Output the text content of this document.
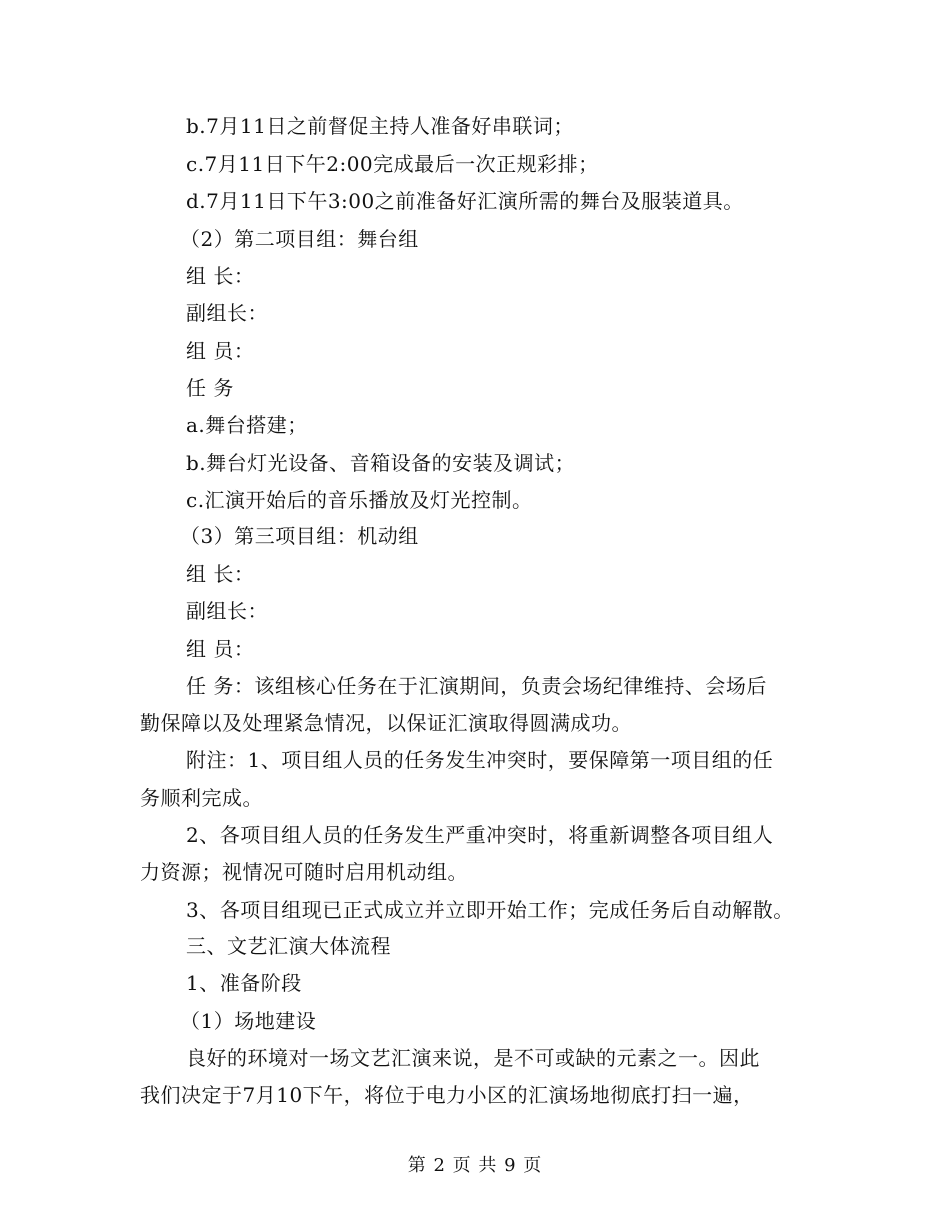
b.7月11日之前督促主持人准备好串联词；
c.7月11日下午2:00完成最后一次正规彩排；
d.7月11日下午3:00之前准备好汇演所需的舞台及服装道具。
（2）第二项目组：舞台组
组 长：
副组长：
组 员：
任 务
a.舞台搭建；
b.舞台灯光设备、音箱设备的安装及调试；
c.汇演开始后的音乐播放及灯光控制。
（3）第三项目组：机动组
组 长：
副组长：
组 员：
任 务：该组核心任务在于汇演期间，负责会场纪律维持、会场后
勤保障以及处理紧急情况，以保证汇演取得圆满成功。
附注：1、项目组人员的任务发生冲突时，要保障第一项目组的任
务顺利完成。
2、各项目组人员的任务发生严重冲突时，将重新调整各项目组人
力资源；视情况可随时启用机动组。
3、各项目组现已正式成立并立即开始工作；完成任务后自动解散。
三、文艺汇演大体流程
1、准备阶段
（1）场地建设
良好的环境对一场文艺汇演来说，是不可或缺的元素之一。因此
我们决定于7月10下午，将位于电力小区的汇演场地彻底打扫一遍，
第 2 页 共 9 页
